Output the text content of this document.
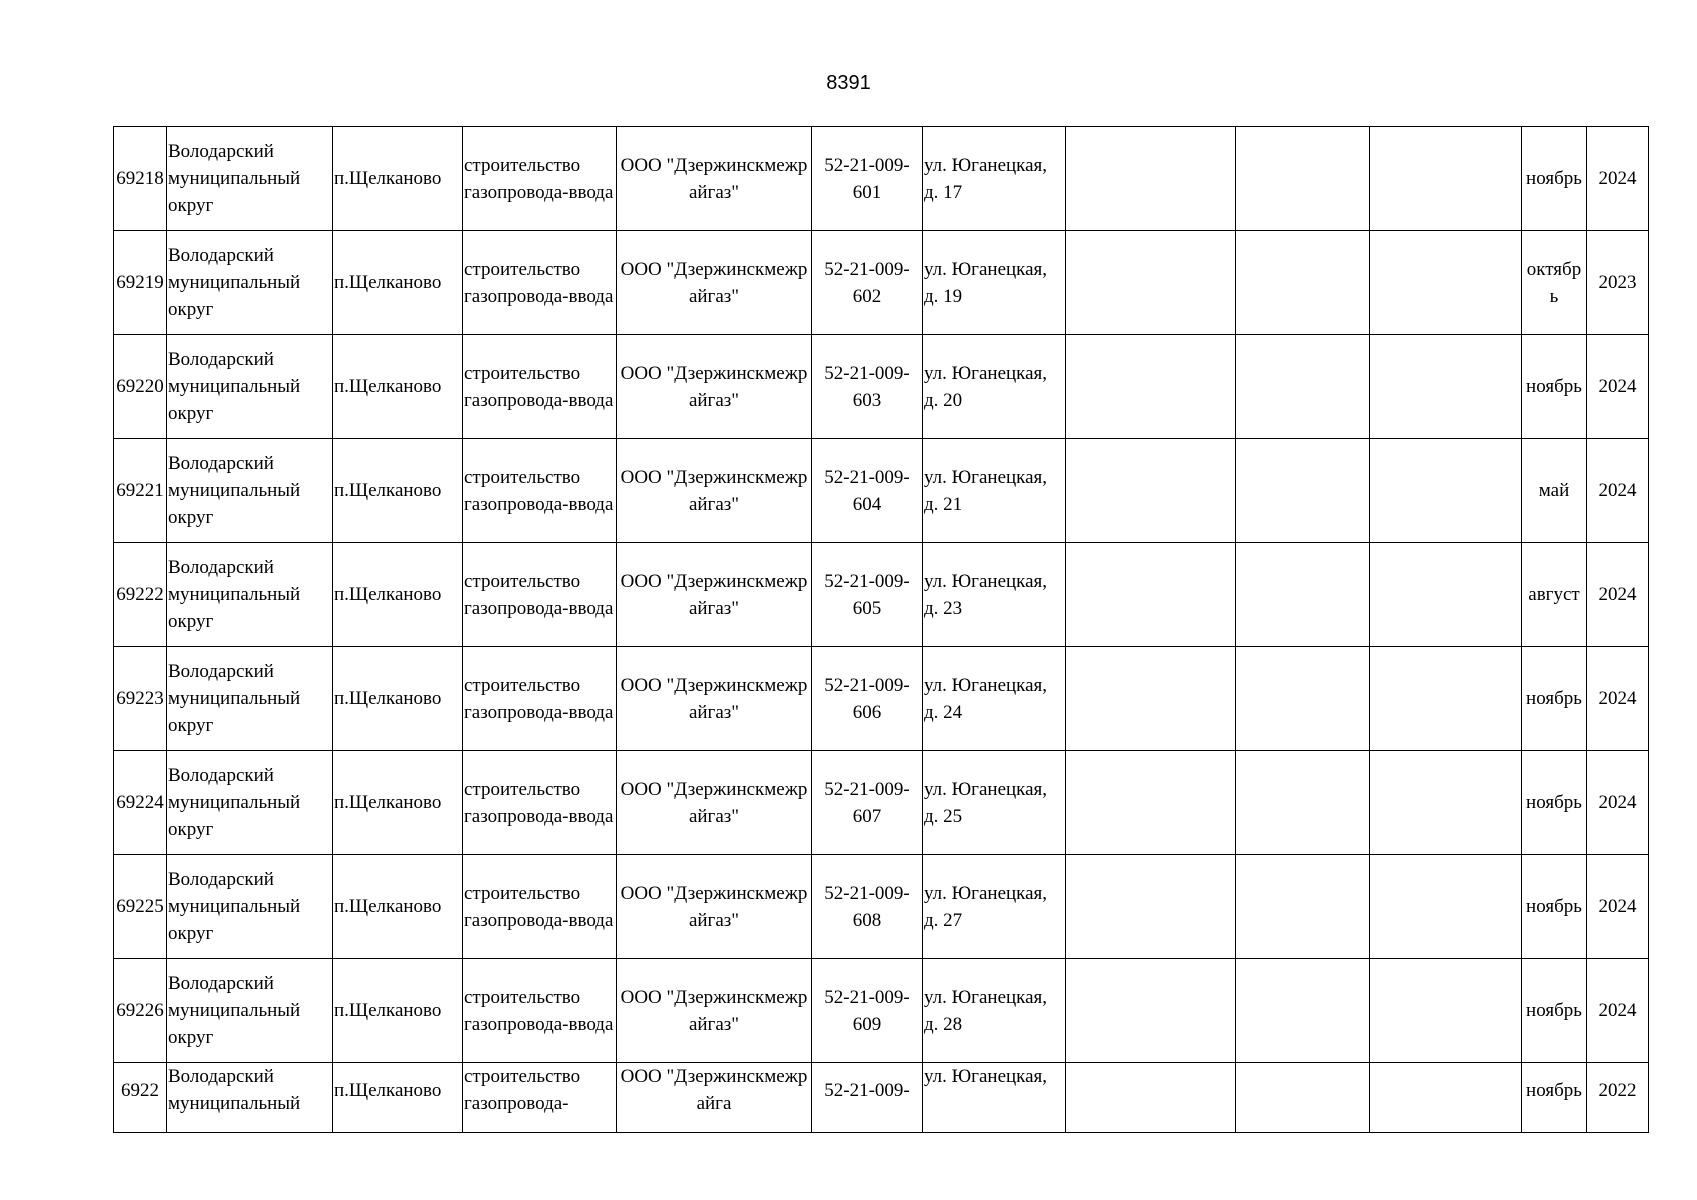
8391
69218	Володарский муниципальный округ	п.Щелканово	строительство газопровода-ввода	ООО "Дзержинскмежрайгаз"	52-21-009-601	ул. Юганецкая, д. 17				ноябрь	2024
69219	Володарский муниципальный округ	п.Щелканово	строительство газопровода-ввода	ООО "Дзержинскмежрайгаз"	52-21-009-602	ул. Юганецкая, д. 19				октябрь	2023
69220	Володарский муниципальный округ	п.Щелканово	строительство газопровода-ввода	ООО "Дзержинскмежрайгаз"	52-21-009-603	ул. Юганецкая, д. 20				ноябрь	2024
69221	Володарский муниципальный округ	п.Щелканово	строительство газопровода-ввода	ООО "Дзержинскмежрайгаз"	52-21-009-604	ул. Юганецкая, д. 21				май	2024
69222	Володарский муниципальный округ	п.Щелканово	строительство газопровода-ввода	ООО "Дзержинскмежрайгаз"	52-21-009-605	ул. Юганецкая, д. 23				август	2024
69223	Володарский муниципальный округ	п.Щелканово	строительство газопровода-ввода	ООО "Дзержинскмежрайгаз"	52-21-009-606	ул. Юганецкая, д. 24				ноябрь	2024
69224	Володарский муниципальный округ	п.Щелканово	строительство газопровода-ввода	ООО "Дзержинскмежрайгаз"	52-21-009-607	ул. Юганецкая, д. 25				ноябрь	2024
69225	Володарский муниципальный округ	п.Щелканово	строительство газопровода-ввода	ООО "Дзержинскмежрайгаз"	52-21-009-608	ул. Юганецкая, д. 27				ноябрь	2024
69226	Володарский муниципальный округ	п.Щелканово	строительство газопровода-ввода	ООО "Дзержинскмежрайгаз"	52-21-009-609	ул. Юганецкая, д. 28				ноябрь	2024
6922	Володарский муниципальный	п.Щелканово	строительство газопровода-	ООО "Дзержинскмежрайга	52-21-009-	ул. Юганецкая,				ноябрь	2022
